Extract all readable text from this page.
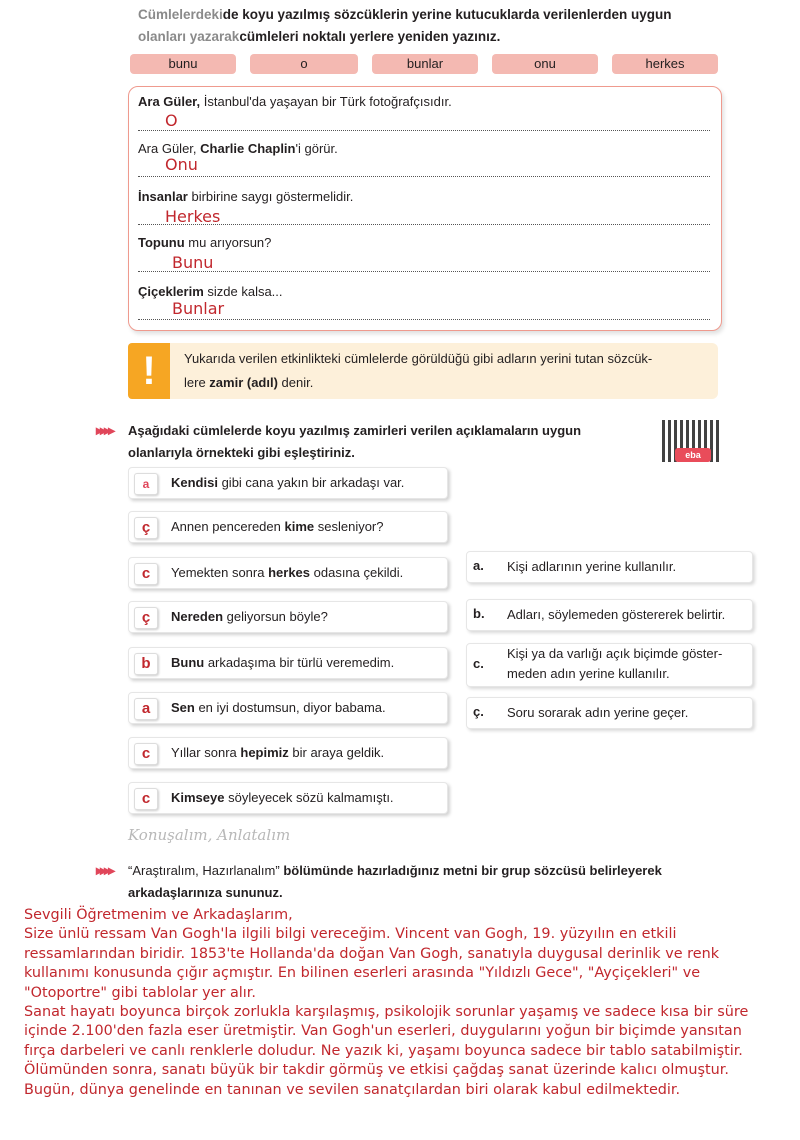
Cümlelerdekide koyu yazılmış sözcüklerin yerine kutucuklarda verilenlerden uygun
olanları yazarakcümleleri noktalı yerlere yeniden yazınız.
bunu	o	bunlar	onu	herkes
Ara Güler, İstanbul'da yaşayan bir Türk fotoğrafçısıdır.
O
Ara Güler, Charlie Chaplin'i görür.
Onu
İnsanlar birbirine saygı göstermelidir.
Herkes
Topunu mu arıyorsun?
Bunu
Çiçeklerim sizde kalsa...
Bunlar
!	Yukarıda verilen etkinlikteki cümlelerde görüldüğü gibi adların yerini tutan sözcük-
lere zamir (adıl) denir.
▸▸▸▸ Aşağıdaki cümlelerde koyu yazılmış zamirleri verilen açıklamaların uygun
olanlarıyla örnekteki gibi eşleştiriniz.	eba
a	Kendisi gibi cana yakın bir arkadaşı var.
ç	Annen pencereden kime sesleniyor?
c	Yemekten sonra herkes odasına çekildi.
ç	Nereden geliyorsun böyle?
b	Bunu arkadaşıma bir türlü veremedim.
a	Sen en iyi dostumsun, diyor babama.
c	Yıllar sonra hepimiz bir araya geldik.
c	Kimseye söyleyecek sözü kalmamıştı.
a. Kişi adlarının yerine kullanılır.
b. Adları, söylemeden göstererek belirtir.
c.
Kişi ya da varlığı açık biçimde göster-
meden adın yerine kullanılır.
ç. Soru sorarak adın yerine geçer.
Konuşalım, Anlatalım
▸▸▸▸ “Araştıralım, Hazırlanalım” bölümünde hazırladığınız metni bir grup sözcüsü belirleyerek
arkadaşlarınıza sununuz.
Sevgili Öğretmenim ve Arkadaşlarım,
Size ünlü ressam Van Gogh'la ilgili bilgi vereceğim. Vincent van Gogh, 19. yüzyılın en etkili
ressamlarından biridir. 1853'te Hollanda'da doğan Van Gogh, sanatıyla duygusal derinlik ve renk
kullanımı konusunda çığır açmıştır. En bilinen eserleri arasında "Yıldızlı Gece", "Ayçiçekleri" ve
"Otoportre" gibi tablolar yer alır.
Sanat hayatı boyunca birçok zorlukla karşılaşmış, psikolojik sorunlar yaşamış ve sadece kısa bir süre
içinde 2.100'den fazla eser üretmiştir. Van Gogh'un eserleri, duygularını yoğun bir biçimde yansıtan
fırça darbeleri ve canlı renklerle doludur. Ne yazık ki, yaşamı boyunca sadece bir tablo satabilmiştir.
Ölümünden sonra, sanatı büyük bir takdir görmüş ve etkisi çağdaş sanat üzerinde kalıcı olmuştur.
Bugün, dünya genelinde en tanınan ve sevilen sanatçılardan biri olarak kabul edilmektedir.
